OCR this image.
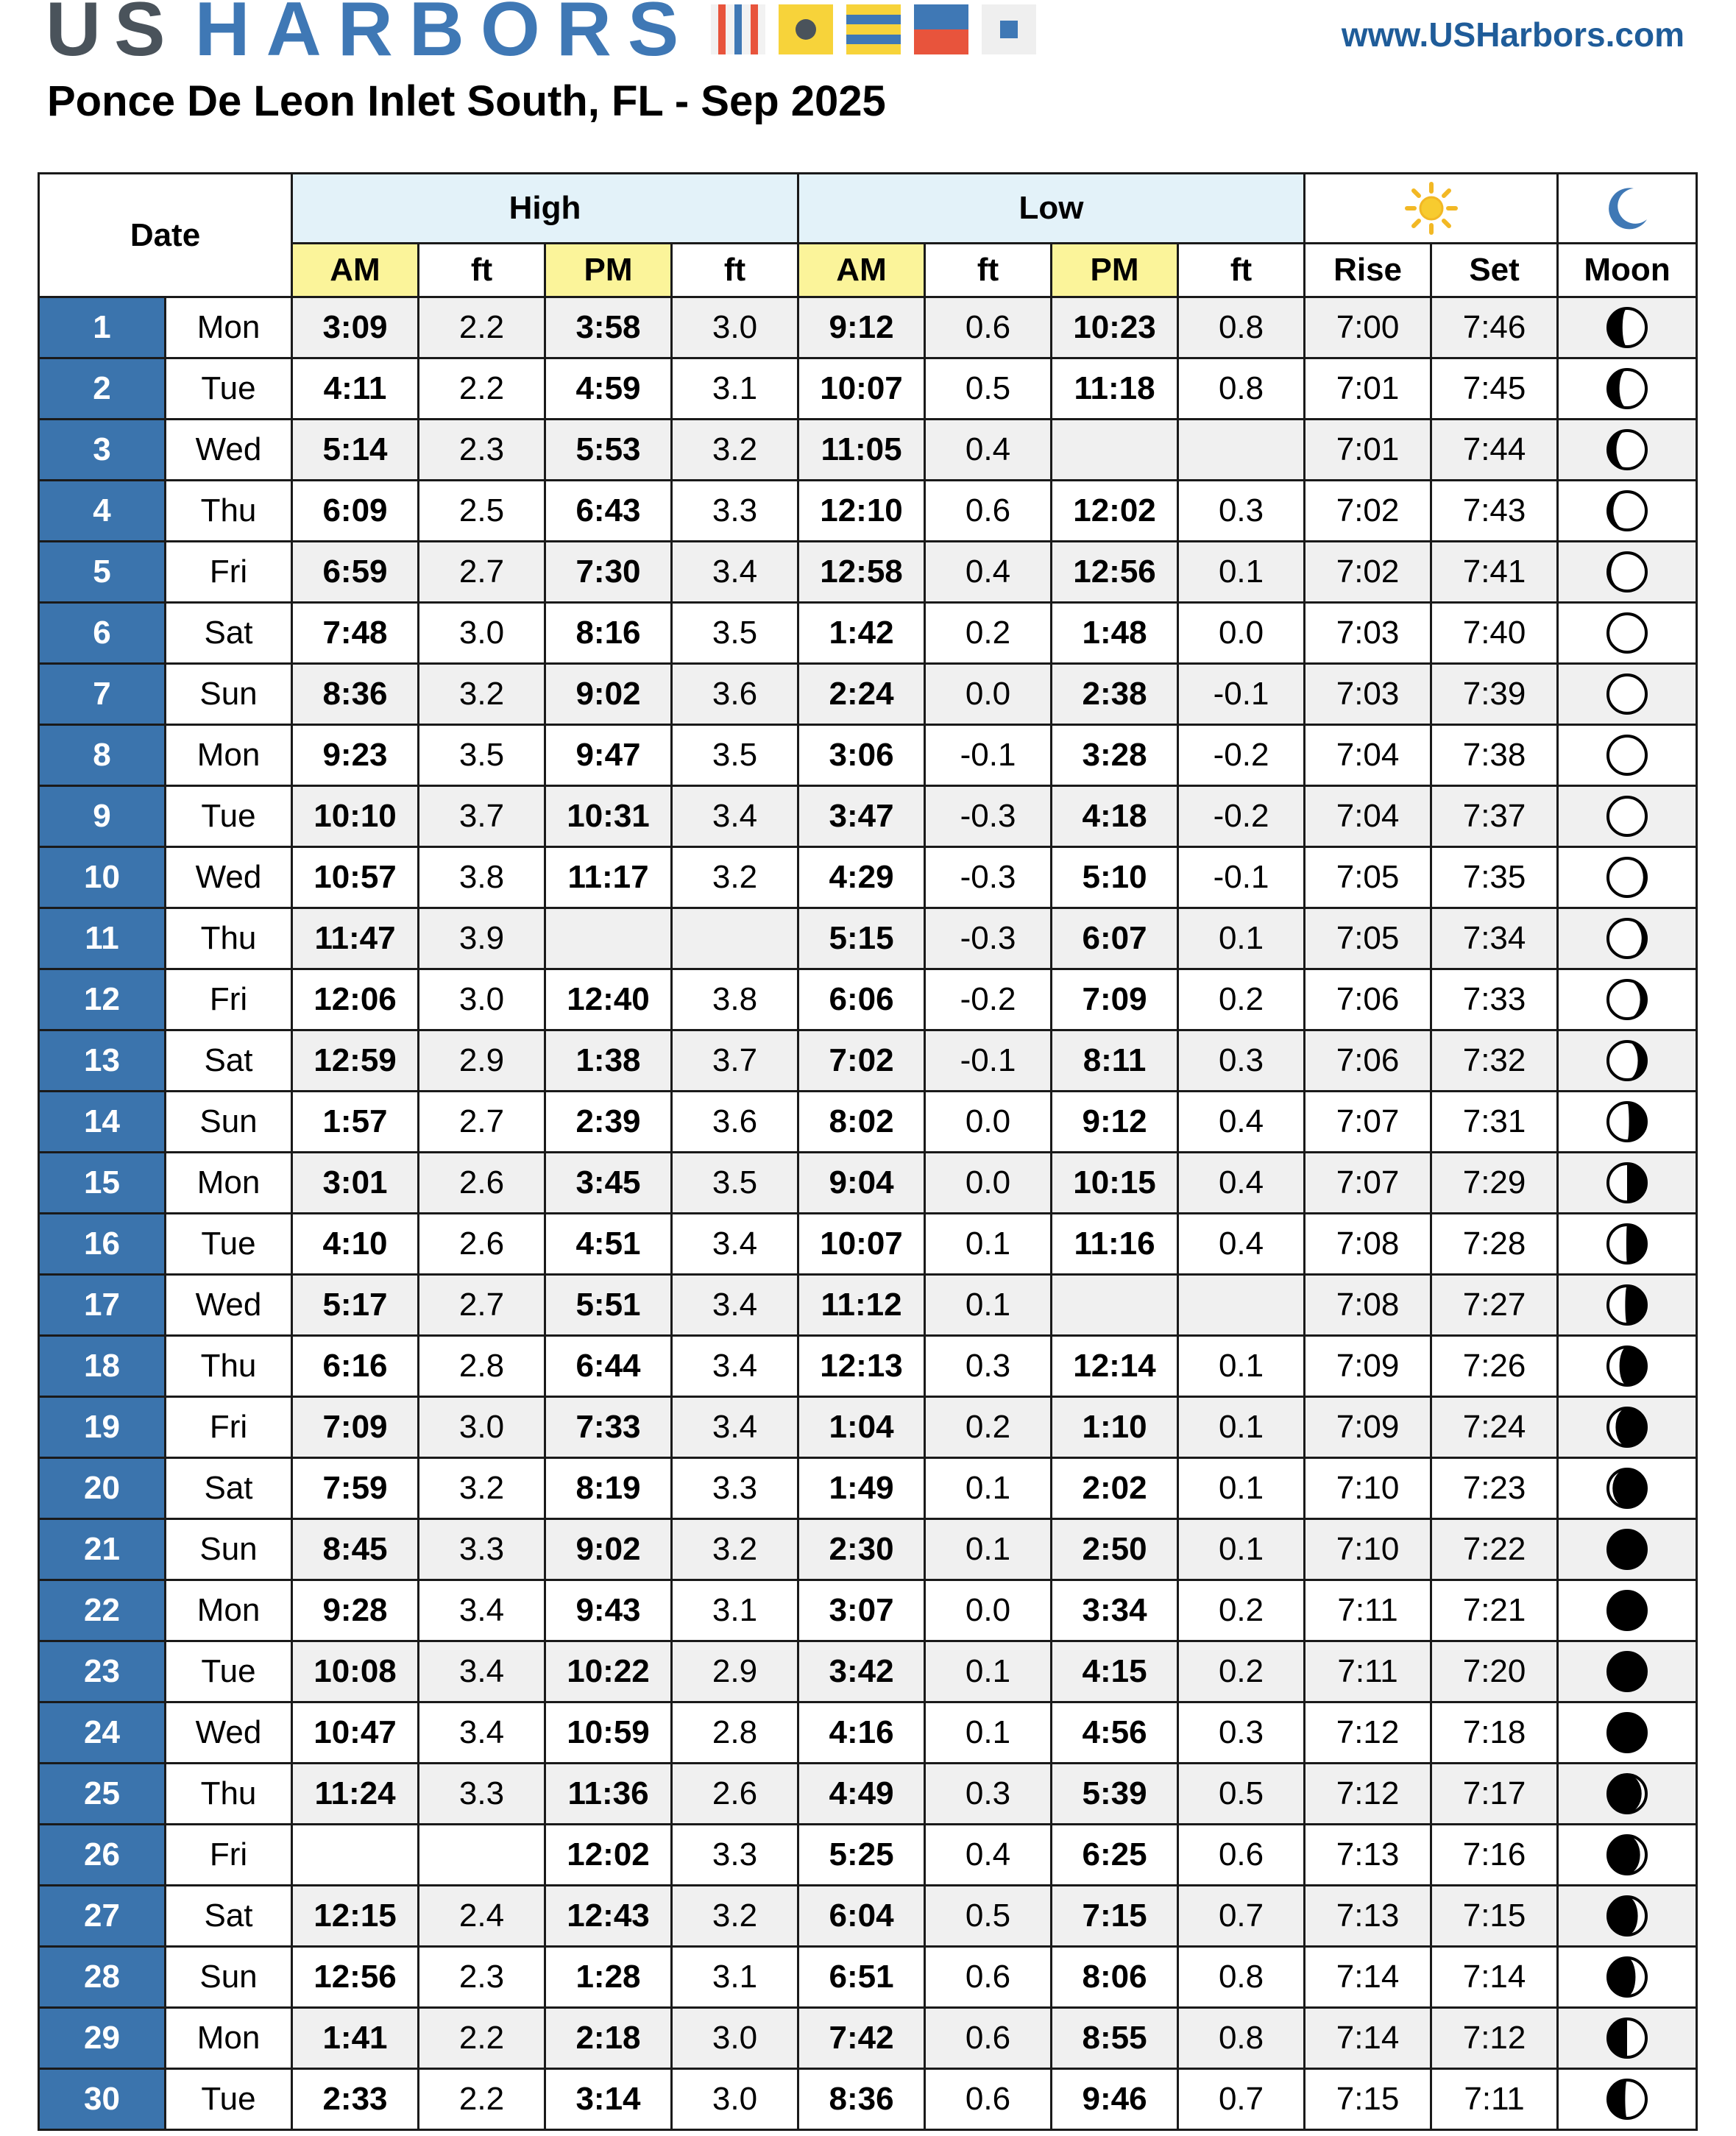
US HARBORS	www.USHarbors.com
Ponce De Leon Inlet South, FL - Sep 2025
Date		High				Low	

		AM	ft	PM	ft	AM	ft	PM	ft	Rise	Set	Moon
1	Mon	3:09	2.2	3:58	3.0	9:12	0.6	10:23	0.8	7:00	7:46	

2	Tue	4:11	2.2	4:59	3.1	10:07	0.5	11:18	0.8	7:01	7:45	

3	Wed	5:14	2.3	5:53	3.2	11:05	0.4			7:01	7:44	

4	Thu	6:09	2.5	6:43	3.3	12:10	0.6	12:02	0.3	7:02	7:43	

5	Fri	6:59	2.7	7:30	3.4	12:58	0.4	12:56	0.1	7:02	7:41	

6	Sat	7:48	3.0	8:16	3.5	1:42	0.2	1:48	0.0	7:03	7:40	

7	Sun	8:36	3.2	9:02	3.6	2:24	0.0	2:38	-0.1	7:03	7:39	

8	Mon	9:23	3.5	9:47	3.5	3:06	-0.1	3:28	-0.2	7:04	7:38	

9	Tue	10:10	3.7	10:31	3.4	3:47	-0.3	4:18	-0.2	7:04	7:37	

10	Wed	10:57	3.8	11:17	3.2	4:29	-0.3	5:10	-0.1	7:05	7:35	

11	Thu	11:47	3.9			5:15	-0.3	6:07	0.1	7:05	7:34	

12	Fri	12:06	3.0	12:40	3.8	6:06	-0.2	7:09	0.2	7:06	7:33	

13	Sat	12:59	2.9	1:38	3.7	7:02	-0.1	8:11	0.3	7:06	7:32	

14	Sun	1:57	2.7	2:39	3.6	8:02	0.0	9:12	0.4	7:07	7:31	

15	Mon	3:01	2.6	3:45	3.5	9:04	0.0	10:15	0.4	7:07	7:29	

16	Tue	4:10	2.6	4:51	3.4	10:07	0.1	11:16	0.4	7:08	7:28	

17	Wed	5:17	2.7	5:51	3.4	11:12	0.1			7:08	7:27	

18	Thu	6:16	2.8	6:44	3.4	12:13	0.3	12:14	0.1	7:09	7:26	

19	Fri	7:09	3.0	7:33	3.4	1:04	0.2	1:10	0.1	7:09	7:24	

20	Sat	7:59	3.2	8:19	3.3	1:49	0.1	2:02	0.1	7:10	7:23	

21	Sun	8:45	3.3	9:02	3.2	2:30	0.1	2:50	0.1	7:10	7:22	

22	Mon	9:28	3.4	9:43	3.1	3:07	0.0	3:34	0.2	7:11	7:21	

23	Tue	10:08	3.4	10:22	2.9	3:42	0.1	4:15	0.2	7:11	7:20	

24	Wed	10:47	3.4	10:59	2.8	4:16	0.1	4:56	0.3	7:12	7:18	

25	Thu	11:24	3.3	11:36	2.6	4:49	0.3	5:39	0.5	7:12	7:17	

26	Fri			12:02	3.3	5:25	0.4	6:25	0.6	7:13	7:16	

27	Sat	12:15	2.4	12:43	3.2	6:04	0.5	7:15	0.7	7:13	7:15	

28	Sun	12:56	2.3	1:28	3.1	6:51	0.6	8:06	0.8	7:14	7:14	

29	Mon	1:41	2.2	2:18	3.0	7:42	0.6	8:55	0.8	7:14	7:12	

30	Tue	2:33	2.2	3:14	3.0	8:36	0.6	9:46	0.7	7:15	7:11	
